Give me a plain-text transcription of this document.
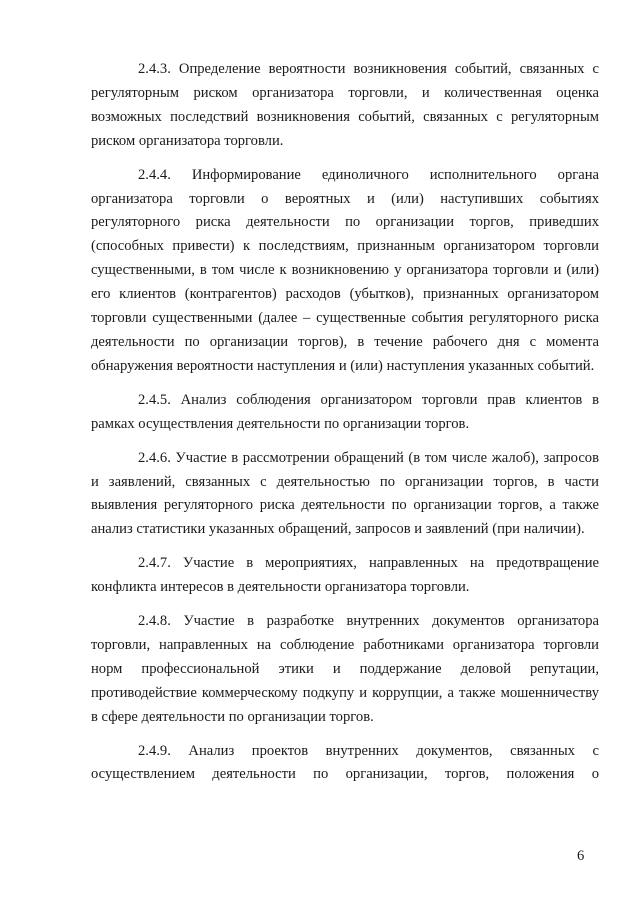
2.4.3. Определение вероятности возникновения событий, связанных с регуляторным риском организатора торговли, и количественная оценка возможных последствий возникновения событий, связанных с регуляторным риском организатора торговли.

2.4.4. Информирование единоличного исполнительного органа организатора торговли о вероятных и (или) наступивших событиях регуляторного риска деятельности по организации торгов, приведших (способных привести) к последствиям, признанным организатором торговли существенными, в том числе к возникновению у организатора торговли и (или) его клиентов (контрагентов) расходов (убытков), признанных организатором торговли существенными (далее – существенные события регуляторного риска деятельности по организации торгов), в течение рабочего дня с момента обнаружения вероятности наступления и (или) наступления указанных событий.

2.4.5. Анализ соблюдения организатором торговли прав клиентов в рамках осуществления деятельности по организации торгов.

2.4.6. Участие в рассмотрении обращений (в том числе жалоб), запросов и заявлений, связанных с деятельностью по организации торгов, в части выявления регуляторного риска деятельности по организации торгов, а также анализ статистики указанных обращений, запросов и заявлений (при наличии).

2.4.7. Участие в мероприятиях, направленных на предотвращение конфликта интересов в деятельности организатора торговли.

2.4.8. Участие в разработке внутренних документов организатора торговли, направленных на соблюдение работниками организатора торговли норм профессиональной этики и поддержание деловой репутации, противодействие коммерческому подкупу и коррупции, а также мошенничеству в сфере деятельности по организации торгов.

2.4.9. Анализ проектов внутренних документов, связанных с осуществлением деятельности по организации, торгов, положения о

6
